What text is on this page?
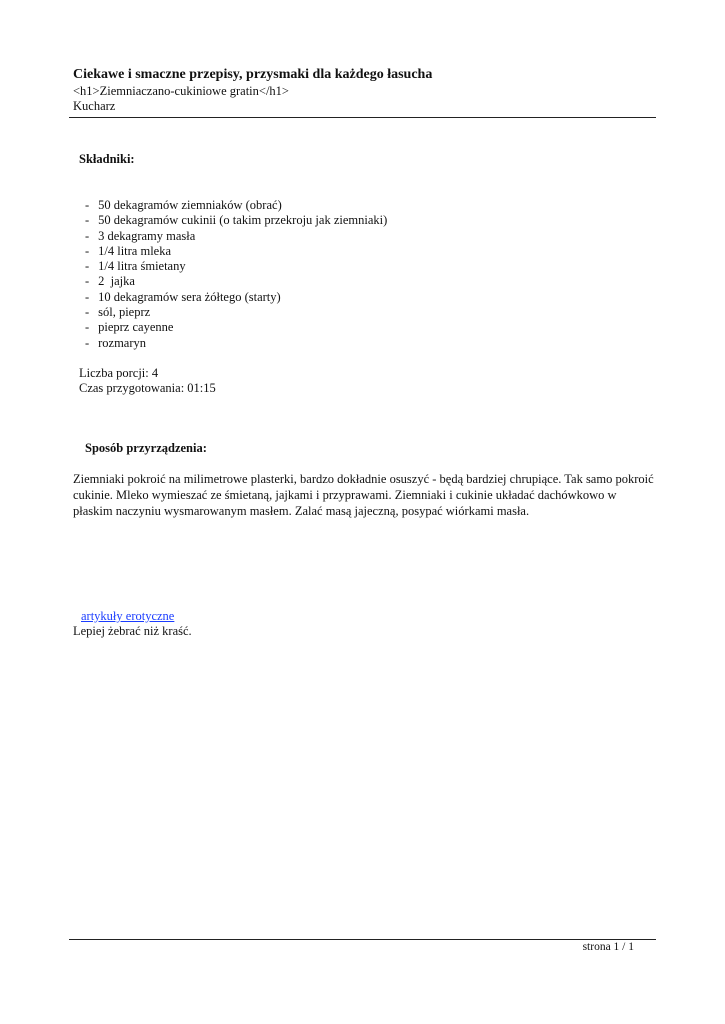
Ciekawe i smaczne przepisy, przysmaki dla każdego łasucha
<h1>Ziemniaczano-cukiniowe gratin</h1>
Kucharz
Składniki:
- 50 dekagramów ziemniaków (obrać)
- 50 dekagramów cukinii (o takim przekroju jak ziemniaki)
- 3 dekagramy masła
- 1/4 litra mleka
- 1/4 litra śmietany
- 2  jajka
- 10 dekagramów sera żółtego (starty)
- sól, pieprz
- pieprz cayenne
- rozmaryn
Liczba porcji: 4
Czas przygotowania: 01:15
Sposób przyrządzenia:

Ziemniaki pokroić na milimetrowe plasterki, bardzo dokładnie osuszyć - będą bardziej chrupiące. Tak samo pokroić cukinie. Mleko wymieszać ze śmietaną, jajkami i przyprawami. Ziemniaki i cukinie układać dachówkowo w płaskim naczyniu wysmarowanym masłem. Zalać masą jajeczną, posypać wiórkami masła.

artykuły erotyczne
Lepiej żebrać niż kraść.
strona 1 / 1
